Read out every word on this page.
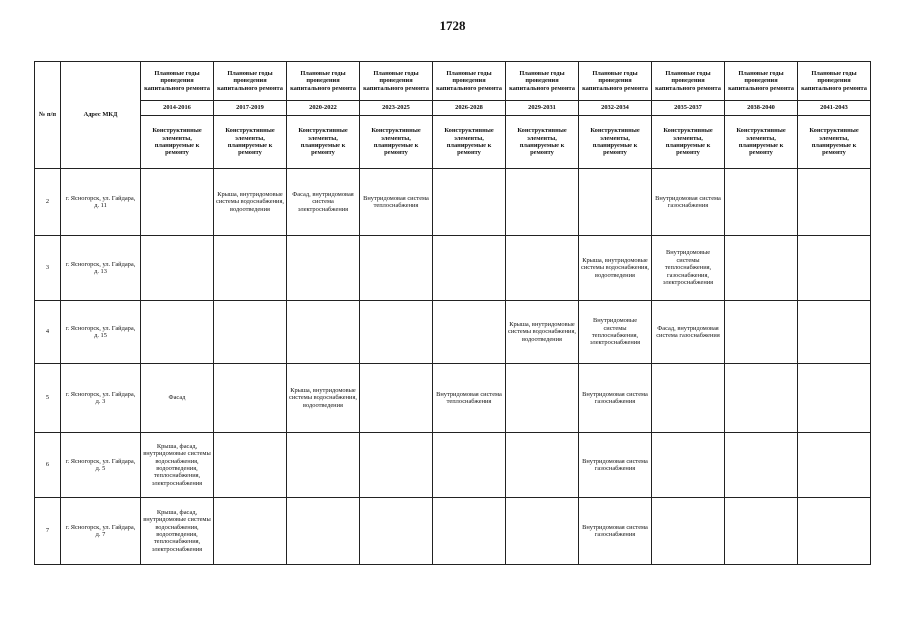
1728
№ п/п	Адрес МКД	Плановые годы проведения капитального ремонта	Плановые годы проведения капитального ремонта	Плановые годы проведения капитального ремонта	Плановые годы проведения капитального ремонта	Плановые годы проведения капитального ремонта	Плановые годы проведения капитального ремонта	Плановые годы проведения капитального ремонта	Плановые годы проведения капитального ремонта	Плановые годы проведения капитального ремонта	Плановые годы проведения капитального ремонта
		2014-2016	2017-2019	2020-2022	2023-2025	2026-2028	2029-2031	2032-2034	2035-2037	2038-2040	2041-2043
		Конструктивные элементы, планируемые к ремонту	Конструктивные элементы, планируемые к ремонту	Конструктивные элементы, планируемые к ремонту	Конструктивные элементы, планируемые к ремонту	Конструктивные элементы, планируемые к ремонту	Конструктивные элементы, планируемые к ремонту	Конструктивные элементы, планируемые к ремонту	Конструктивные элементы, планируемые к ремонту	Конструктивные элементы, планируемые к ремонту	Конструктивные элементы, планируемые к ремонту
2	г. Ясногорск, ул. Гайдара, д. 11		Крыша, внутридомовые системы водоснабжения, водоотведения	Фасад, внутридомовая система электроснабжения	Внутридомовая система теплоснабжения				Внутридомовая система газоснабжения		
3	г. Ясногорск, ул. Гайдара, д. 13							Крыша, внутридомовые системы водоснабжения, водоотведения	Внутридомовые системы теплоснабжения, газоснабжения, электроснабжения		
4	г. Ясногорск, ул. Гайдара, д. 15						Крыша, внутридомовые системы водоснабжения, водоотведения	Внутридомовые системы теплоснабжения, электроснабжения	Фасад, внутридомовая система газоснабжения		
5	г. Ясногорск, ул. Гайдара, д. 3	Фасад		Крыша, внутридомовые системы водоснабжения, водоотведения		Внутридомовая система теплоснабжения		Внутридомовая система газоснабжения			
6	г. Ясногорск, ул. Гайдара, д. 5	Крыша, фасад, внутридомовые системы водоснабжения, водоотведения, теплоснабжения, электроснабжения						Внутридомовая система газоснабжения			
7	г. Ясногорск, ул. Гайдара, д. 7	Крыша, фасад, внутридомовые системы водоснабжения, водоотведения, теплоснабжения, электроснабжения						Внутридомовая система газоснабжения			
